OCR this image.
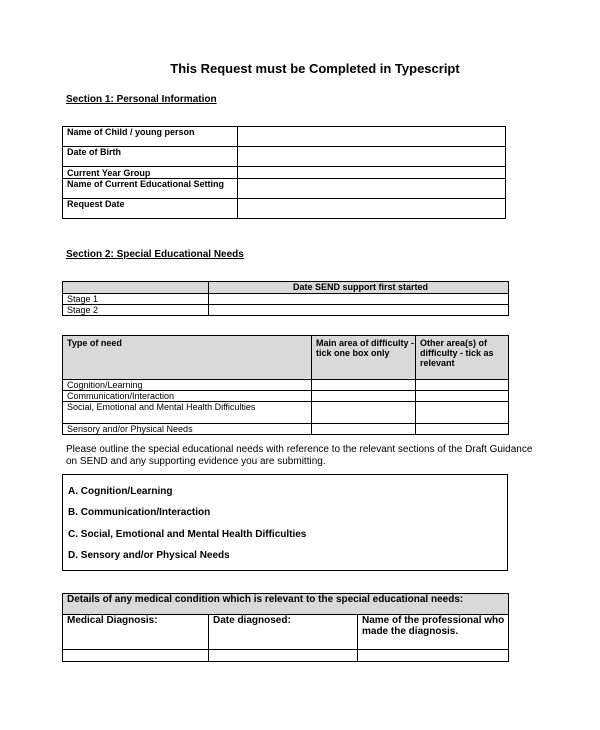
This Request must be Completed in Typescript
Section 1: Personal Information
Name of Child / young person	
Date of Birth	
Current Year Group	
Name of Current Educational Setting	
Request Date	
Section 2: Special Educational Needs
	Date SEND support first started
Stage 1	
Stage 2	
Type of need	Main area of difficulty - tick one box only	Other area(s) of difficulty - tick as relevant
Cognition/Learning		
Communication/Interaction		
Social, Emotional and Mental Health Difficulties		
Sensory and/or Physical Needs		
Please outline the special educational needs with reference to the relevant sections of the Draft Guidance on SEND and any supporting evidence you are submitting.
A. Cognition/Learning
B. Communication/Interaction
C. Social, Emotional and Mental Health Difficulties
D. Sensory and/or Physical Needs
Details of any medical condition which is relevant to the special educational needs:		
Medical Diagnosis:	Date diagnosed:	Name of the professional who made the diagnosis.
